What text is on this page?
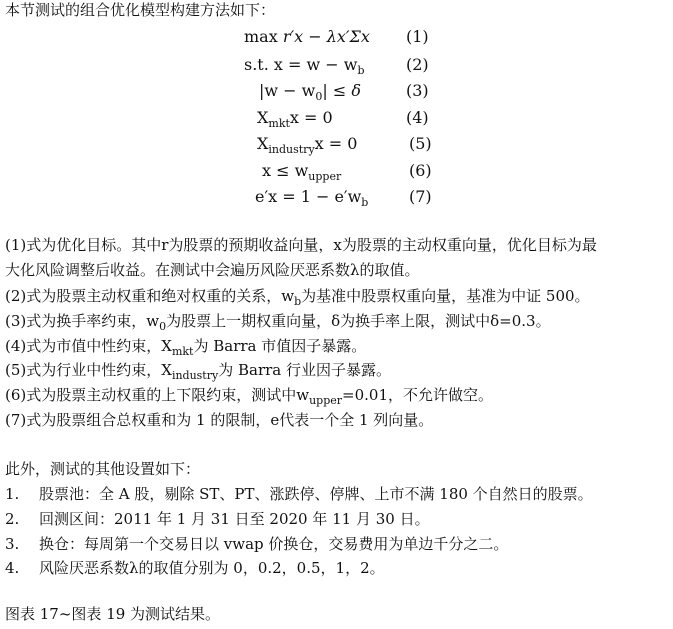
本节测试的组合优化模型构建方法如下：
max r′x − λx′Σx (1)
s.t. $x = w - w_b$	(2)
$|w - w_0| \le \delta$	(3)
$X_{mkt}x = 0$	(4)
$X_{industry}x = 0$	(5)
$x \le w_{upper}$	(6)
$e'x = 1 - e'w_b$	(7)
(1)式为优化目标。其中r为股票的预期收益向量，x为股票的主动权重向量，优化目标为最
大化风险调整后收益。在测试中会遍历风险厌恶系数λ的取值。
(2)式为股票主动权重和绝对权重的关系，$w_b$为基准中股票权重向量，基准为中证 500。
(3)式为换手率约束，$w_0$为股票上一期权重向量，δ为换手率上限，测试中δ=0.3。
(4)式为市值中性约束，$X_{mkt}$为 Barra 市值因子暴露。
(5)式为行业中性约束，$X_{industry}$为 Barra 行业因子暴露。
(6)式为股票主动权重的上下限约束，测试中$w_{upper}=0.01$，不允许做空。
(7)式为股票组合总权重和为 1 的限制，e代表一个全 1 列向量。
此外，测试的其他设置如下：
1. 股票池：全 A 股，剔除 ST、PT、涨跌停、停牌、上市不满 180 个自然日的股票。
2. 回测区间：2011 年 1 月 31 日至 2020 年 11 月 30 日。
3. 换仓：每周第一个交易日以 vwap 价换仓，交易费用为单边千分之二。
4. 风险厌恶系数λ的取值分别为 0，0.2，0.5，1，2。
图表 17~图表 19 为测试结果。
